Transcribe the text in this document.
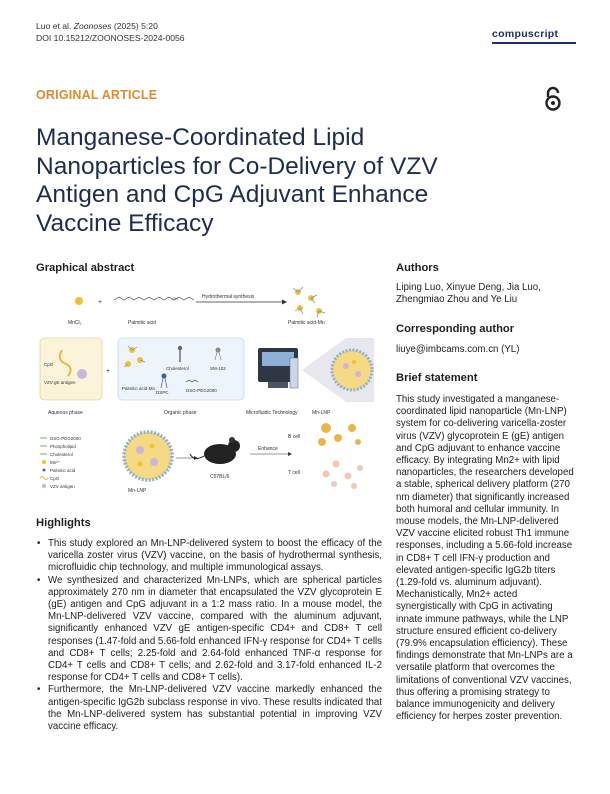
Luo et al. Zoonoses (2025) 5:20
DOI 10.15212/ZOONOSES-2024-0056	compuscript
ORIGINAL ARTICLE
Manganese-Coordinated Lipid
Nanoparticles for Co-Delivery of VZV
Antigen and CpG Adjuvant Enhance
Vaccine Efficacy
Graphical abstract
+
OH
MnCl₂	Palmitic acid
Hydrothermal synthesis
Palmitic acid-Mn
CpG
VZV-gE antigen
Aqueous phase
+
Palmitic acid-Mn
Cholesterol
DSPC
SM-102
DSG-PEG2000
Organic phase	Microfluidic Technology	Mn-LNP
DSG-PEG2000
Phospholipid
Cholesterol
Mn²⁺
Palmitic acid
CpG
VZV antigen
Mn-LNP
C57BL/6
Enhance
B cell
T cell
Highlights
• This study explored an Mn-LNP-delivered system to boost the efficacy of the varicella zoster virus (VZV) vaccine, on the basis of hydrothermal synthesis, microfluidic chip technology, and multiple immunological assays.
• We synthesized and characterized Mn-LNPs, which are spherical particles approximately 270 nm in diameter that encapsulated the VZV glycoprotein E (gE) antigen and CpG adjuvant in a 1:2 mass ratio. In a mouse model, the Mn-LNP-delivered VZV vaccine, compared with the aluminum adjuvant, significantly enhanced VZV gE antigen-specific CD4+ and CD8+ T cell responses (1.47-fold and 5.66-fold enhanced IFN-γ response for CD4+ T cells and CD8+ T cells; 2.25-fold and 2.64-fold enhanced TNF-α response for CD4+ T cells and CD8+ T cells; and 2.62-fold and 3.17-fold enhanced IL-2 response for CD4+ T cells and CD8+ T cells).
• Furthermore, the Mn-LNP-delivered VZV vaccine markedly enhanced the antigen-specific IgG2b subclass response in vivo. These results indicated that the Mn-LNP-delivered system has substantial potential in improving VZV vaccine efficacy.
Authors
Liping Luo, Xinyue Deng, Jia Luo, Zhengmiao Zhou and Ye Liu
Corresponding author
liuye@imbcams.com.cn (YL)
Brief statement
This study investigated a manganese-coordinated lipid nanoparticle (Mn-LNP) system for co-delivering varicella-zoster virus (VZV) glycoprotein E (gE) antigen and CpG adjuvant to enhance vaccine efficacy. By integrating Mn2+ with lipid nanoparticles, the researchers developed a stable, spherical delivery platform (270 nm diameter) that significantly increased both humoral and cellular immunity. In mouse models, the Mn-LNP-delivered VZV vaccine elicited robust Th1 immune responses, including a 5.66-fold increase in CD8+ T cell IFN-γ production and elevated antigen-specific IgG2b titers (1.29-fold vs. aluminum adjuvant). Mechanistically, Mn2+ acted synergistically with CpG in activating innate immune pathways, while the LNP structure ensured efficient co-delivery (79.9% encapsulation efficiency). These findings demonstrate that Mn-LNPs are a versatile platform that overcomes the limitations of conventional VZV vaccines, thus offering a promising strategy to balance immunogenicity and delivery efficiency for herpes zoster prevention.
